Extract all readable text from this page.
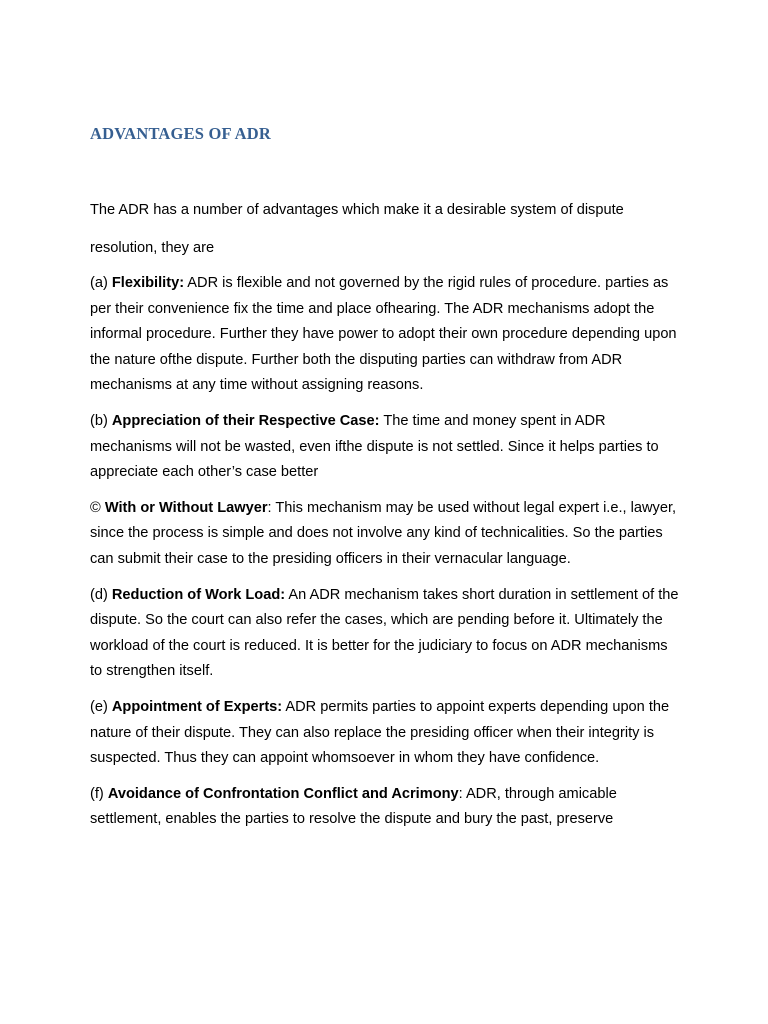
ADVANTAGES OF ADR

The ADR has a number of advantages which make it a desirable system of dispute resolution, they are

(a) Flexibility: ADR is flexible and not governed by the rigid rules of procedure. parties as per their convenience fix the time and place ofhearing. The ADR mechanisms adopt the informal procedure. Further they have power to adopt their own procedure depending upon the nature ofthe dispute. Further both the disputing parties can withdraw from ADR mechanisms at any time without assigning reasons.

(b) Appreciation of their Respective Case: The time and money spent in ADR mechanisms will not be wasted, even ifthe dispute is not settled. Since it helps parties to appreciate each other’s case better

© With or Without Lawyer: This mechanism may be used without legal expert i.e., lawyer, since the process is simple and does not involve any kind of technicalities. So the parties can submit their case to the presiding officers in their vernacular language.

(d) Reduction of Work Load: An ADR mechanism takes short duration in settlement of the dispute. So the court can also refer the cases, which are pending before it. Ultimately the workload of the court is reduced. It is better for the judiciary to focus on ADR mechanisms to strengthen itself.

(e) Appointment of Experts: ADR permits parties to appoint experts depending upon the nature of their dispute. They can also replace the presiding officer when their integrity is suspected. Thus they can appoint whomsoever in whom they have confidence.

(f) Avoidance of Confrontation Conflict and Acrimony: ADR, through amicable settlement, enables the parties to resolve the dispute and bury the past, preserve
